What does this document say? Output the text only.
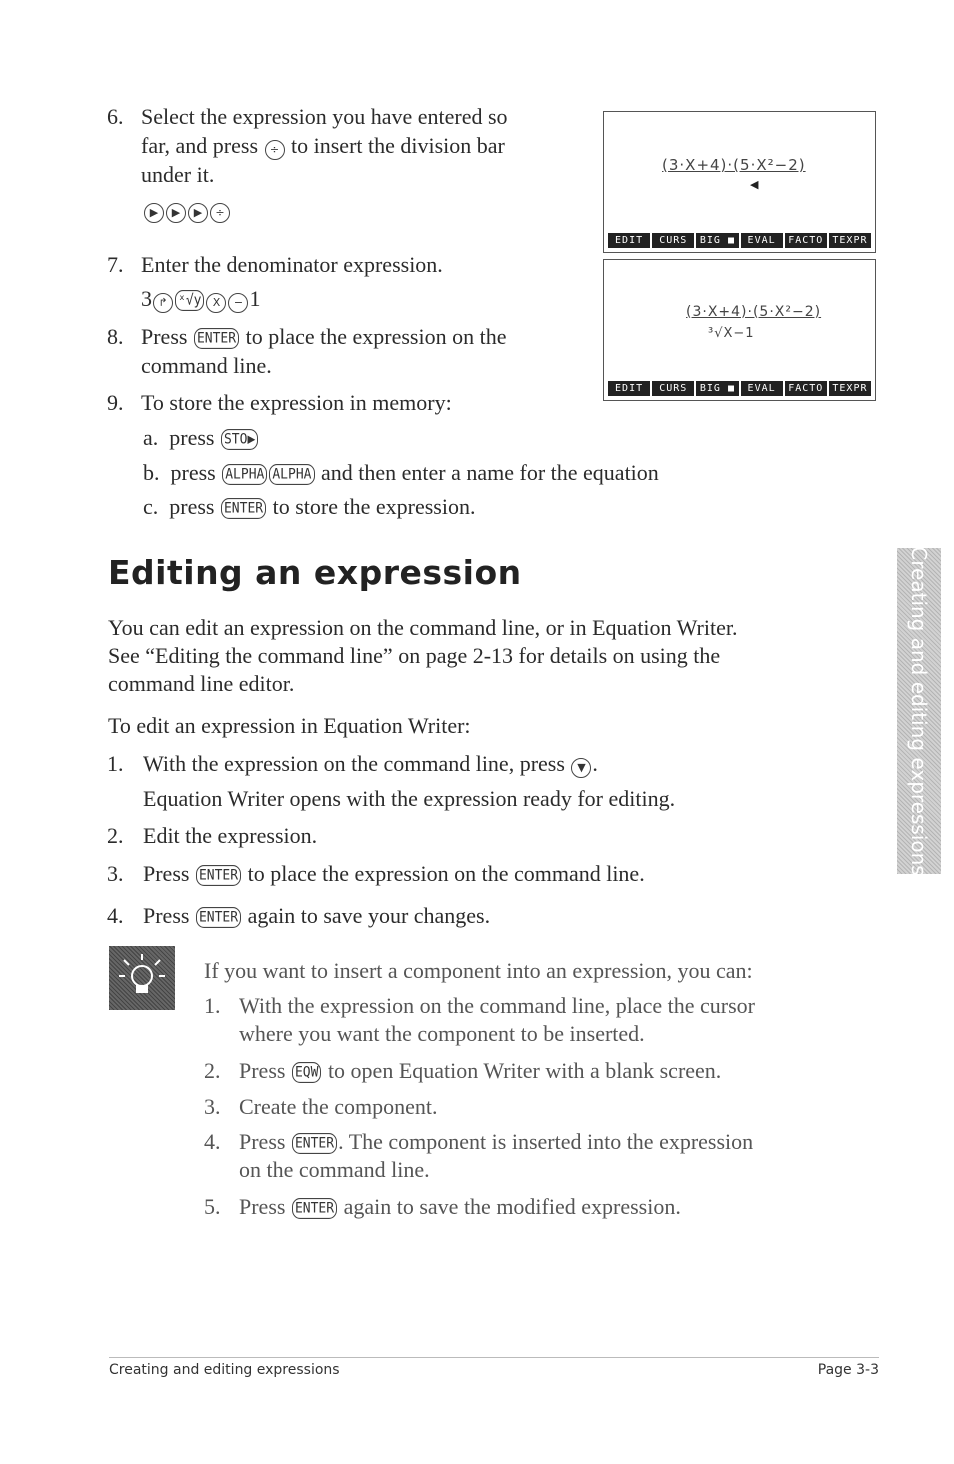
6. Select the expression you have entered so
far, and press ÷ to insert the division bar
under it.
▶ ▶ ▶ ÷
(3·X+4)·(5·X²−2)
◀
EDIT	CURS	BIG ■	EVAL	FACTO TEXPR
7. Enter the denominator expression.
3 ↱ ˣ√y X − 1
(3·X+4)·(5·X²−2)
³√X−1
EDIT	CURS	BIG ■	EVAL	FACTO TEXPR
8. Press ENTER to place the expression on the
command line.
9. To store the expression in memory:
a. press STO▶
b. press ALPHA ALPHA and then enter a name for the equation
c. press ENTER to store the expression.
Editing an expression	Creating and editing expressions
You can edit an expression on the command line, or in Equation Writer.
See “Editing the command line” on page 2-13 for details on using the
command line editor.
To edit an expression in Equation Writer:
1. With the expression on the command line, press ▼ .
Equation Writer opens with the expression ready for editing.
2. Edit the expression.
3. Press ENTER to place the expression on the command line.
4. Press ENTER again to save your changes.
If you want to insert a component into an expression, you can:
1. With the expression on the command line, place the cursor
where you want the component to be inserted.
2. Press EQW to open Equation Writer with a blank screen.
3. Create the component.
4. Press ENTER . The component is inserted into the expression
on the command line.
5. Press ENTER again to save the modified expression.
Creating and editing expressions	Page 3-3
